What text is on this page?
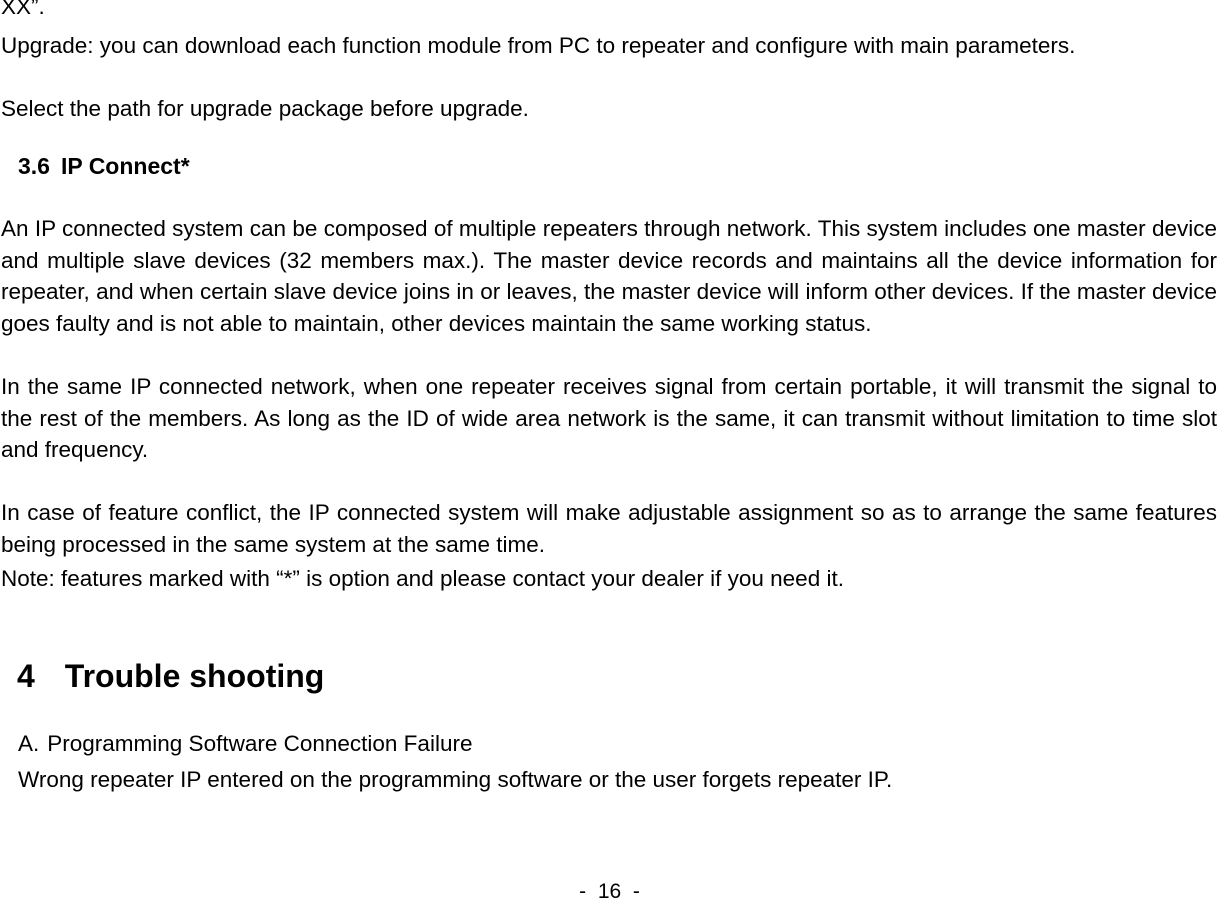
XX”.

Upgrade: you can download each function module from PC to repeater and configure with main parameters.

Select the path for upgrade package before upgrade.

3.6 IP Connect*

An IP connected system can be composed of multiple repeaters through network. This system includes one master device and multiple slave devices (32 members max.). The master device records and maintains all the device information for repeater, and when certain slave device joins in or leaves, the master device will inform other devices. If the master device goes faulty and is not able to maintain, other devices maintain the same working status.

In the same IP connected network, when one repeater receives signal from certain portable, it will transmit the signal to the rest of the members. As long as the ID of wide area network is the same, it can transmit without limitation to time slot and frequency.

In case of feature conflict, the IP connected system will make adjustable assignment so as to arrange the same features being processed in the same system at the same time.

Note: features marked with “*” is option and please contact your dealer if you need it.

4 Trouble shooting

A. Programming Software Connection Failure

Wrong repeater IP entered on the programming software or the user forgets repeater IP.

-  16  -
